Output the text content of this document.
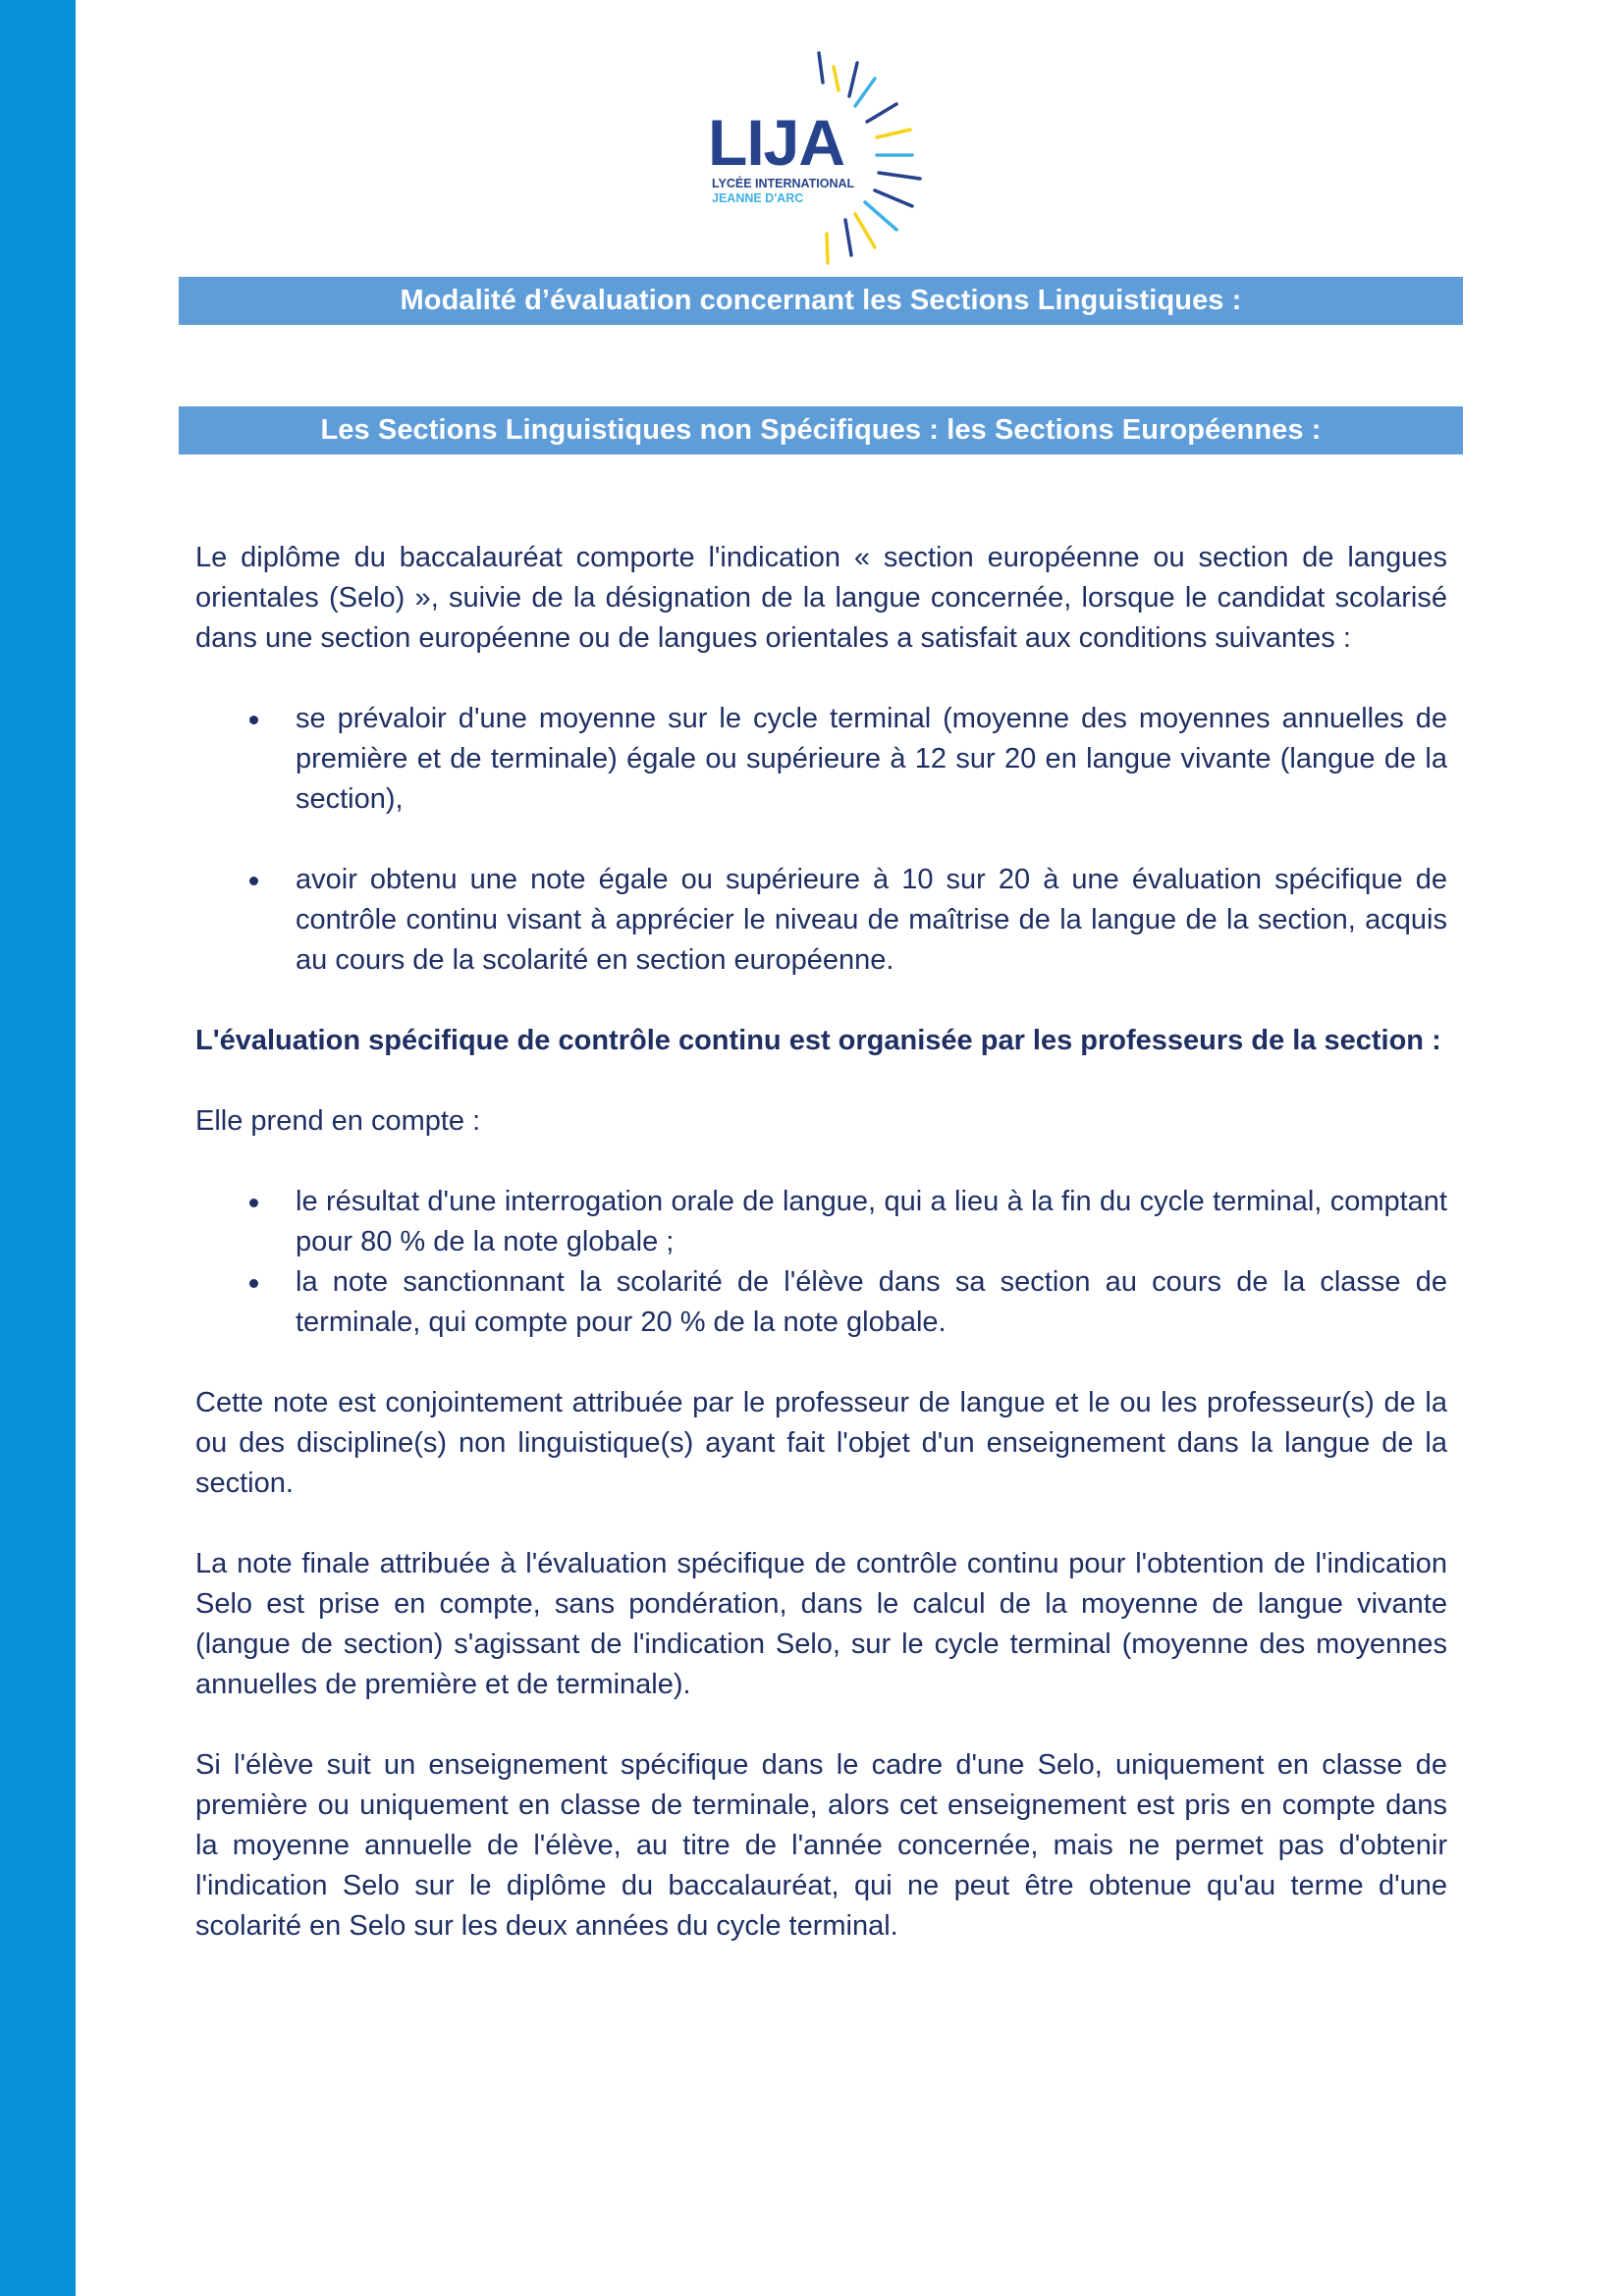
LIJA
LYCÉE INTERNATIONAL
JEANNE D'ARC
Modalité d’évaluation concernant les Sections Linguistiques :
Les Sections Linguistiques non Spécifiques : les Sections Européennes :

Le diplôme du baccalauréat comporte l'indication « section européenne ou section de langues orientales (Selo) », suivie de la désignation de la langue concernée, lorsque le candidat scolarisé dans une section européenne ou de langues orientales a satisfait aux conditions suivantes :

se prévaloir d'une moyenne sur le cycle terminal (moyenne des moyennes annuelles de première et de terminale) égale ou supérieure à 12 sur 20 en langue vivante (langue de la section),
avoir obtenu une note égale ou supérieure à 10 sur 20 à une évaluation spécifique de contrôle continu visant à apprécier le niveau de maîtrise de la langue de la section, acquis au cours de la scolarité en section européenne.

L'évaluation spécifique de contrôle continu est organisée par les professeurs de la section :

Elle prend en compte :

le résultat d'une interrogation orale de langue, qui a lieu à la fin du cycle terminal, comptant pour 80 % de la note globale ;
la note sanctionnant la scolarité de l'élève dans sa section au cours de la classe de terminale, qui compte pour 20 % de la note globale.

Cette note est conjointement attribuée par le professeur de langue et le ou les professeur(s) de la ou des discipline(s) non linguistique(s) ayant fait l'objet d'un enseignement dans la langue de la section.

La note finale attribuée à l'évaluation spécifique de contrôle continu pour l'obtention de l'indication Selo est prise en compte, sans pondération, dans le calcul de la moyenne de langue vivante (langue de section) s'agissant de l'indication Selo, sur le cycle terminal (moyenne des moyennes annuelles de première et de terminale).

Si l'élève suit un enseignement spécifique dans le cadre d'une Selo, uniquement en classe de première ou uniquement en classe de terminale, alors cet enseignement est pris en compte dans la moyenne annuelle de l'élève, au titre de l'année concernée, mais ne permet pas d'obtenir l'indication Selo sur le diplôme du baccalauréat, qui ne peut être obtenue qu'au terme d'une scolarité en Selo sur les deux années du cycle terminal.
